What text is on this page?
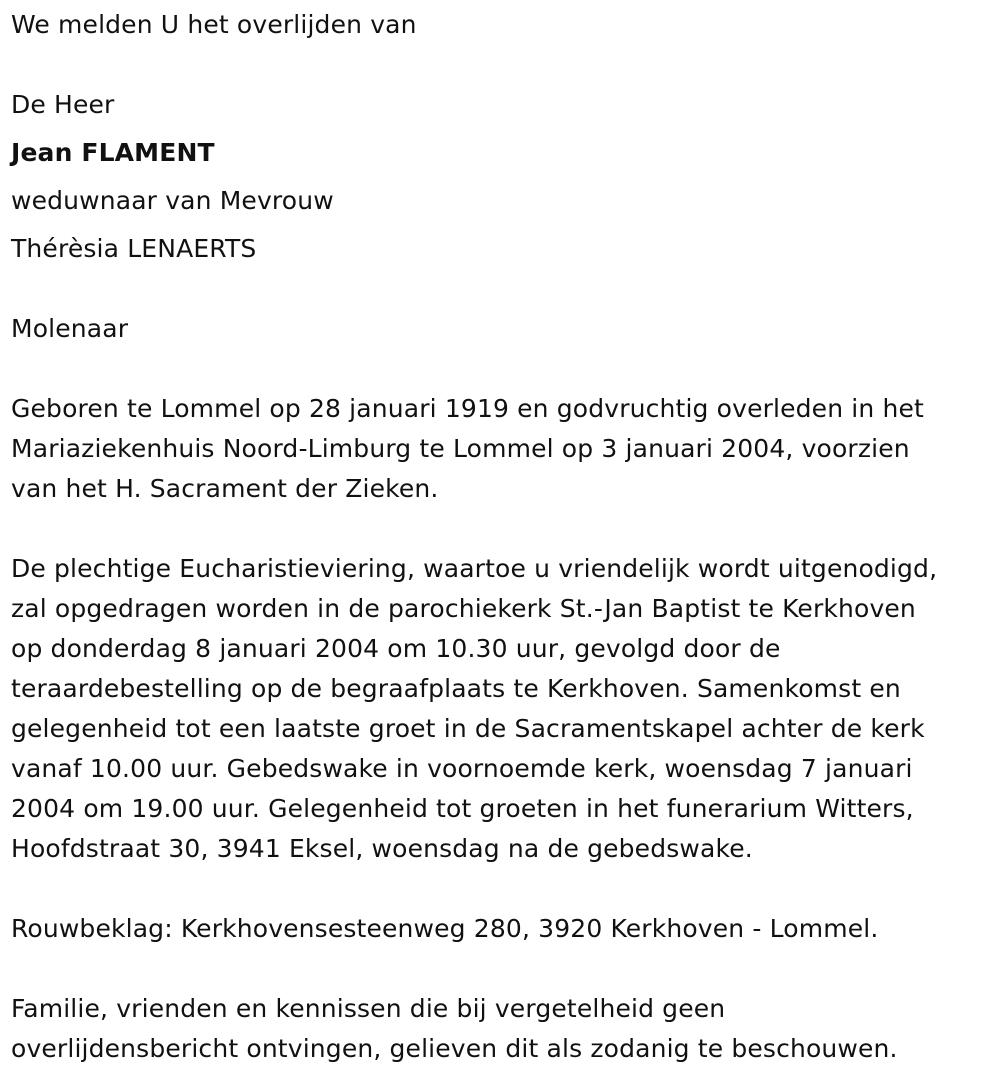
We melden U het overlijden van

De Heer

Jean FLAMENT

weduwnaar van Mevrouw

Thérèsia LENAERTS

Molenaar

Geboren te Lommel op 28 januari 1919 en godvruchtig overleden in het

Mariaziekenhuis Noord-Limburg te Lommel op 3 januari 2004, voorzien

van het H. Sacrament der Zieken.

De plechtige Eucharistieviering, waartoe u vriendelijk wordt uitgenodigd,

zal opgedragen worden in de parochiekerk St.-Jan Baptist te Kerkhoven

op donderdag 8 januari 2004 om 10.30 uur, gevolgd door de

teraardebestelling op de begraafplaats te Kerkhoven. Samenkomst en

gelegenheid tot een laatste groet in de Sacramentskapel achter de kerk

vanaf 10.00 uur. Gebedswake in voornoemde kerk, woensdag 7 januari

2004 om 19.00 uur. Gelegenheid tot groeten in het funerarium Witters,

Hoofdstraat 30, 3941 Eksel, woensdag na de gebedswake.

Rouwbeklag: Kerkhovensesteenweg 280, 3920 Kerkhoven - Lommel.

Familie, vrienden en kennissen die bij vergetelheid geen

overlijdensbericht ontvingen, gelieven dit als zodanig te beschouwen.
